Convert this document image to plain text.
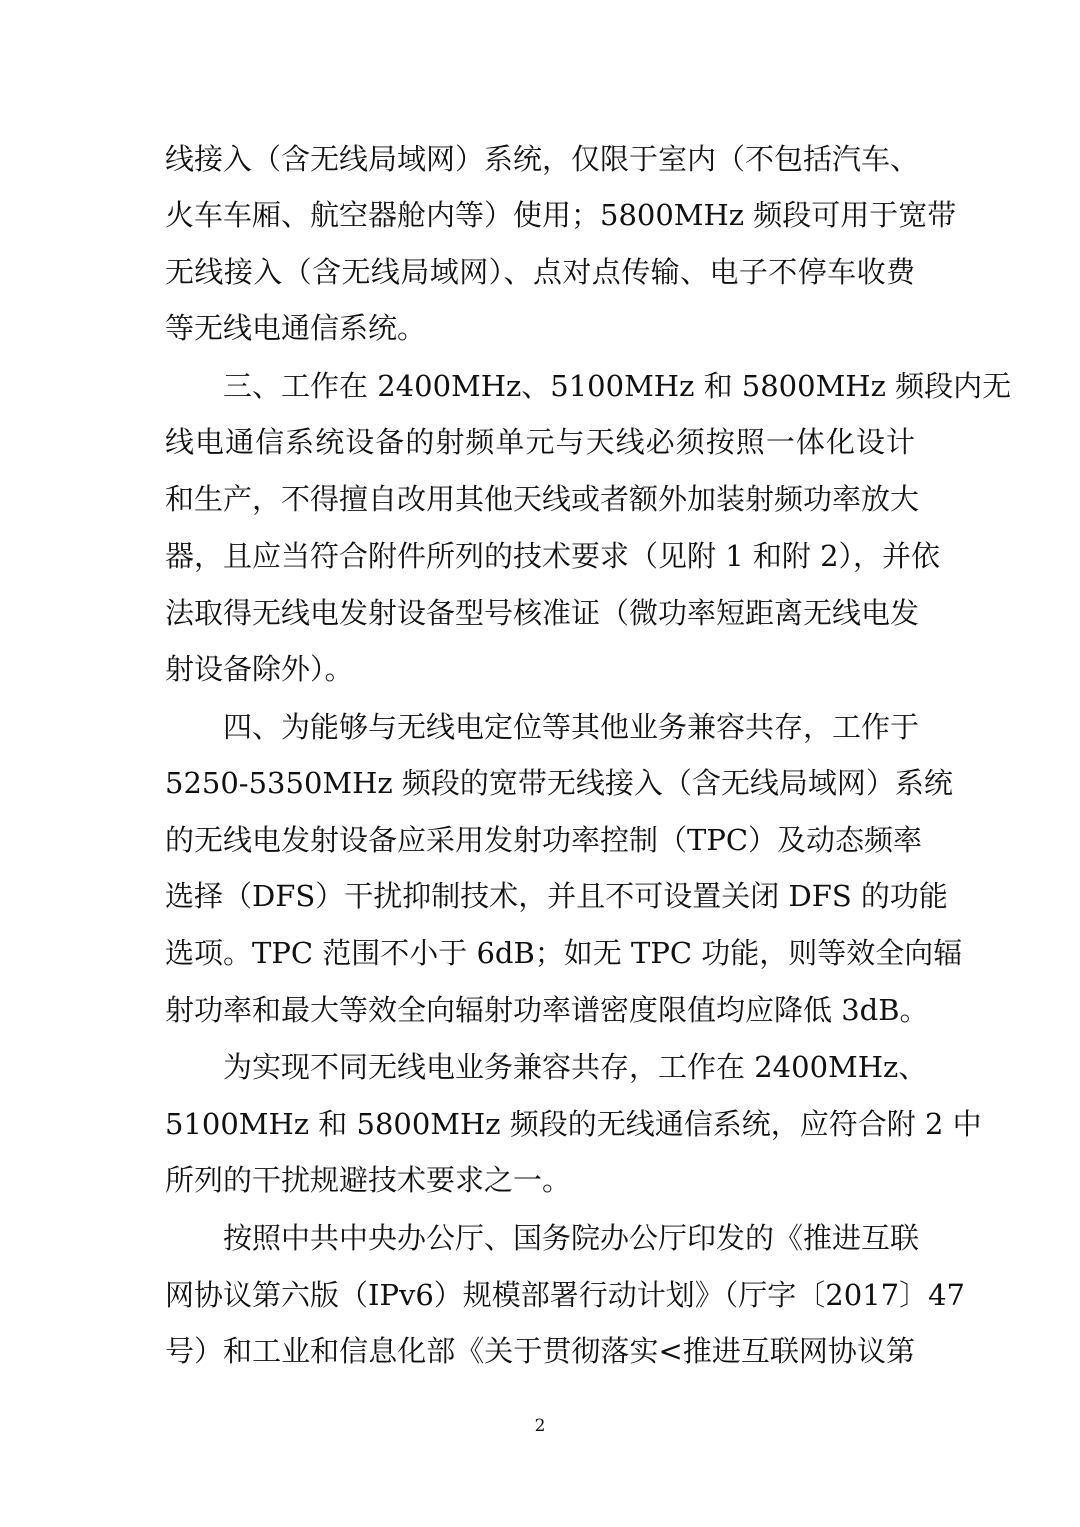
线接入（含无线局域网）系统，仅限于室内（不包括汽车、
火车车厢、航空器舱内等）使用；5800MHz 频段可用于宽带
无线接入（含无线局域网）、点对点传输、电子不停车收费
等无线电通信系统。
三、工作在 2400MHz、5100MHz 和 5800MHz 频段内无
线电通信系统设备的射频单元与天线必须按照一体化设计
和生产，不得擅自改用其他天线或者额外加装射频功率放大
器，且应当符合附件所列的技术要求（见附 1 和附 2），并依
法取得无线电发射设备型号核准证（微功率短距离无线电发
射设备除外）。
四、为能够与无线电定位等其他业务兼容共存，工作于
5250-5350MHz 频段的宽带无线接入（含无线局域网）系统
的无线电发射设备应采用发射功率控制（TPC）及动态频率
选择（DFS）干扰抑制技术，并且不可设置关闭 DFS 的功能
选项。TPC 范围不小于 6dB；如无 TPC 功能，则等效全向辐
射功率和最大等效全向辐射功率谱密度限值均应降低 3dB。
为实现不同无线电业务兼容共存，工作在 2400MHz、
5100MHz 和 5800MHz 频段的无线通信系统，应符合附 2 中
所列的干扰规避技术要求之一。
按照中共中央办公厅、国务院办公厅印发的《推进互联
网协议第六版（IPv6）规模部署行动计划》（厅字〔2017〕47
号）和工业和信息化部《关于贯彻落实<推进互联网协议第
2
